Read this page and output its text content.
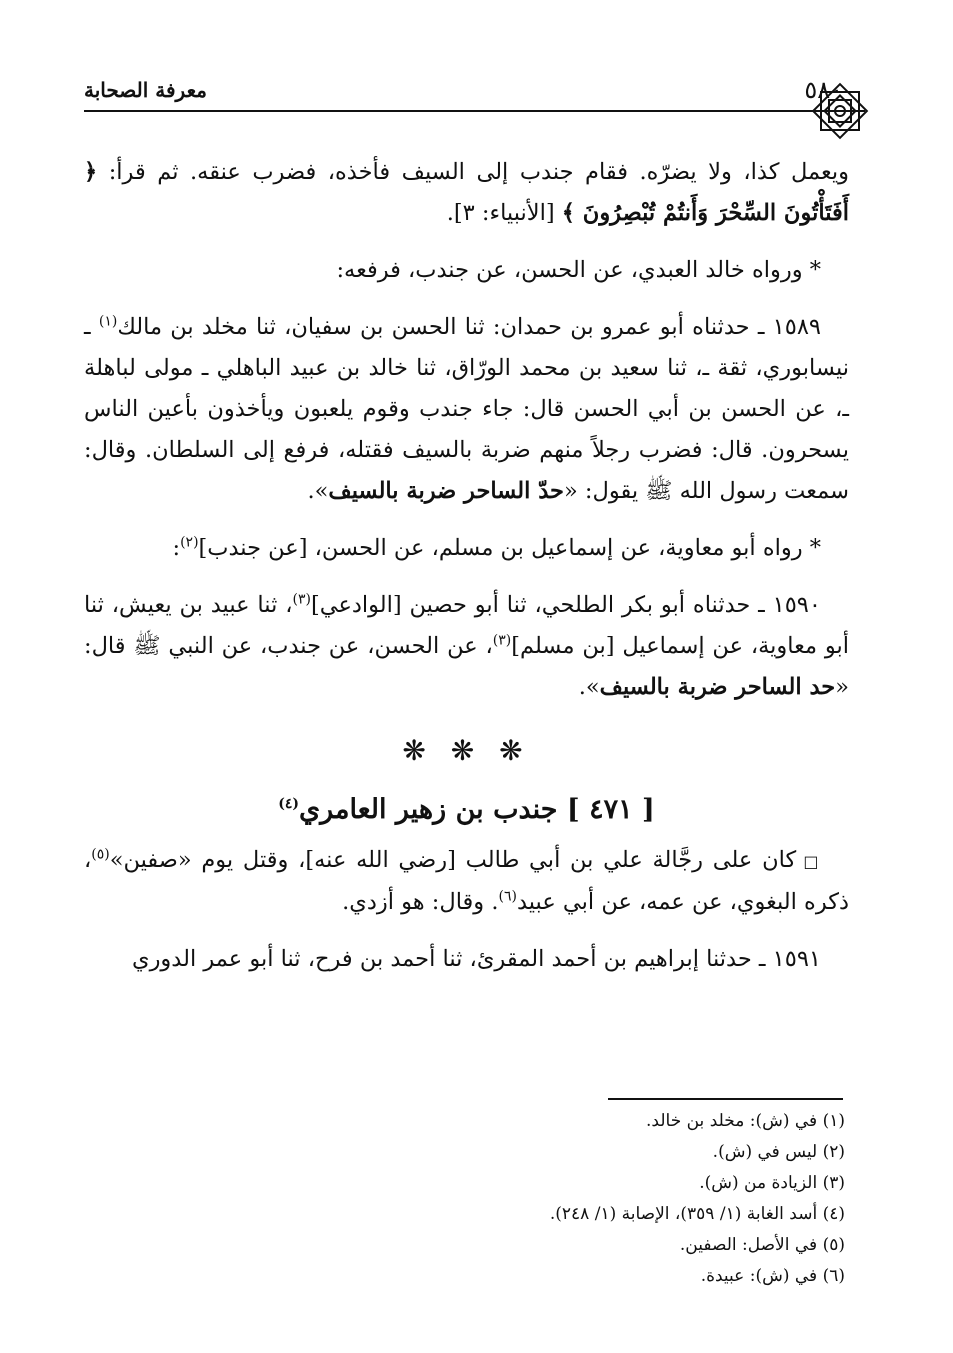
معرفة الصحابة	٥٨٠

ويعمل كذا، ولا يضرّه. فقام جندب إلى السيف فأخذه، فضرب عنقه. ثم قرأ: ﴿ أَفَتَأْتُونَ السِّحْرَ وَأَنتُمْ تُبْصِرُونَ ﴾ [الأنبياء: ٣].

* ورواه خالد العبدي، عن الحسن، عن جندب، فرفعه:

١٥٨٩ ـ حدثناه أبو عمرو بن حمدان: ثنا الحسن بن سفيان، ثنا مخلد بن مالك$^{(١)}$ ـ نيسابوري، ثقة ـ، ثنا سعيد بن محمد الورّاق، ثنا خالد بن عبيد الباهلي ـ مولى لباهلة ـ، عن الحسن بن أبي الحسن قال: جاء جندب وقوم يلعبون ويأخذون بأعين الناس يسحرون. قال: فضرب رجلاً منهم ضربة بالسيف فقتله، فرفع إلى السلطان. وقال: سمعت رسول الله ﷺ يقول: «حدّ الساحر ضربة بالسيف».

* رواه أبو معاوية، عن إسماعيل بن مسلم، عن الحسن، [عن جندب]$^{(٢)}$:

١٥٩٠ ـ حدثناه أبو بكر الطلحي، ثنا أبو حصين [الوادعي]$^{(٣)}$، ثنا عبيد بن يعيش، ثنا أبو معاوية، عن إسماعيل [بن مسلم]$^{(٣)}$، عن الحسن، عن جندب، عن النبي ﷺ قال: «حد الساحر ضربة بالسيف».

❋ ❋ ❋
[ ٤٧١ ] جندب بن زهير العامري$^{(٤)}$

□ كان على رجَّالة علي بن أبي طالب [رضي الله عنه]، وقتل يوم «صفين»$^{(٥)}$، ذكره البغوي، عن عمه، عن أبي عبيد$^{(٦)}$. وقال: هو أزدي.

١٥٩١ ـ حدثنا إبراهيم بن أحمد المقرئ، ثنا أحمد بن فرح، ثنا أبو عمر الدوري

(١) في (ش): مخلد بن خالد.
(٢) ليس في (ش).
(٣) الزيادة من (ش).
(٤) أسد الغابة (١/ ٣٥٩)، الإصابة (١/ ٢٤٨).
(٥) في الأصل: الصفين.
(٦) في (ش): عبيدة.
